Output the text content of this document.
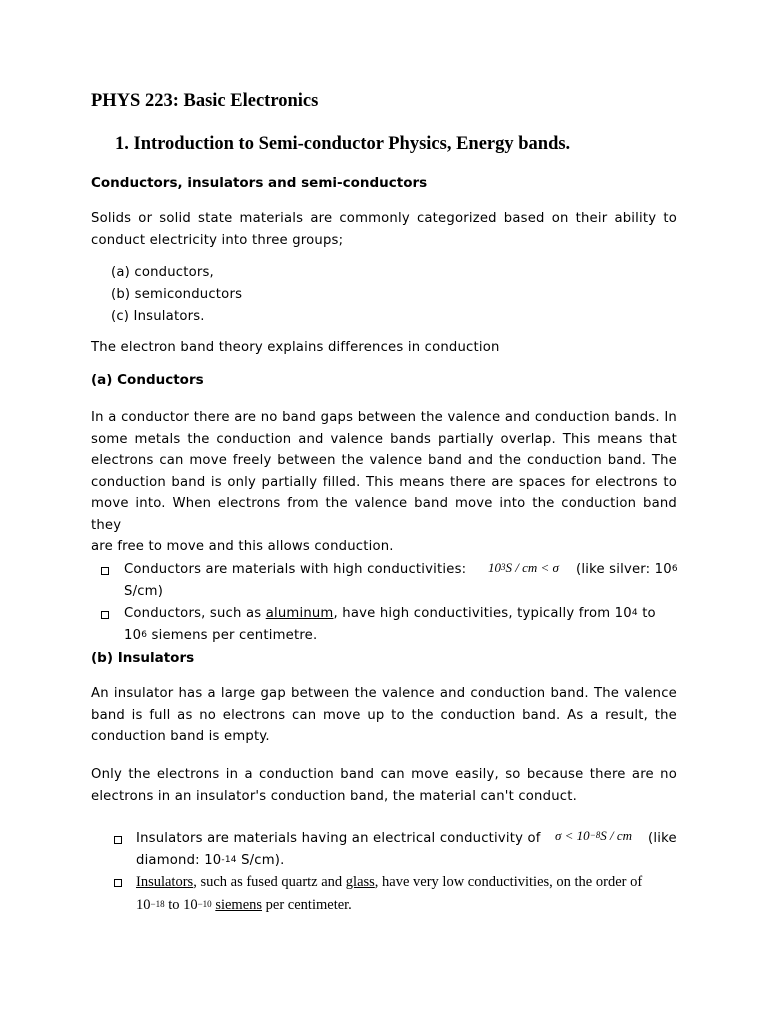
PHYS 223: Basic Electronics
1. Introduction to Semi-conductor Physics, Energy bands.
Conductors, insulators and semi-conductors
Solids or solid state materials are commonly categorized based on their ability to
conduct electricity into three groups;
(a) conductors,
(b) semiconductors
(c) Insulators.
The electron band theory explains differences in conduction
(a) Conductors
In a conductor there are no band gaps between the valence and conduction bands. In
some metals the conduction and valence bands partially overlap. This means that
electrons can move freely between the valence band and the conduction band. The
conduction band is only partially filled. This means there are spaces for electrons to
move into. When electrons from the valence band move into the conduction band they
are free to move and this allows conduction.
Conductors are materials with high conductivities: $10^3S$ / cm < σ (like silver: $10^6$
S/cm)
Conductors, such as aluminum, have high conductivities, typically from $10^4$ to
$10^6$ siemens per centimetre.
(b) Insulators
An insulator has a large gap between the valence and conduction band. The valence
band is full as no electrons can move up to the conduction band. As a result, the
conduction band is empty.
Only the electrons in a conduction band can move easily, so because there are no
electrons in an insulator's conduction band, the material can't conduct.
Insulators are materials having an electrical conductivity of $\sigma < 10^{-8}S$ / cm (like
diamond: $10^{-14}$ S/cm).
Insulators, such as fused quartz and glass, have very low conductivities, on the order of
$10^{-18}$ to $10^{-10}$ siemens per centimeter.
